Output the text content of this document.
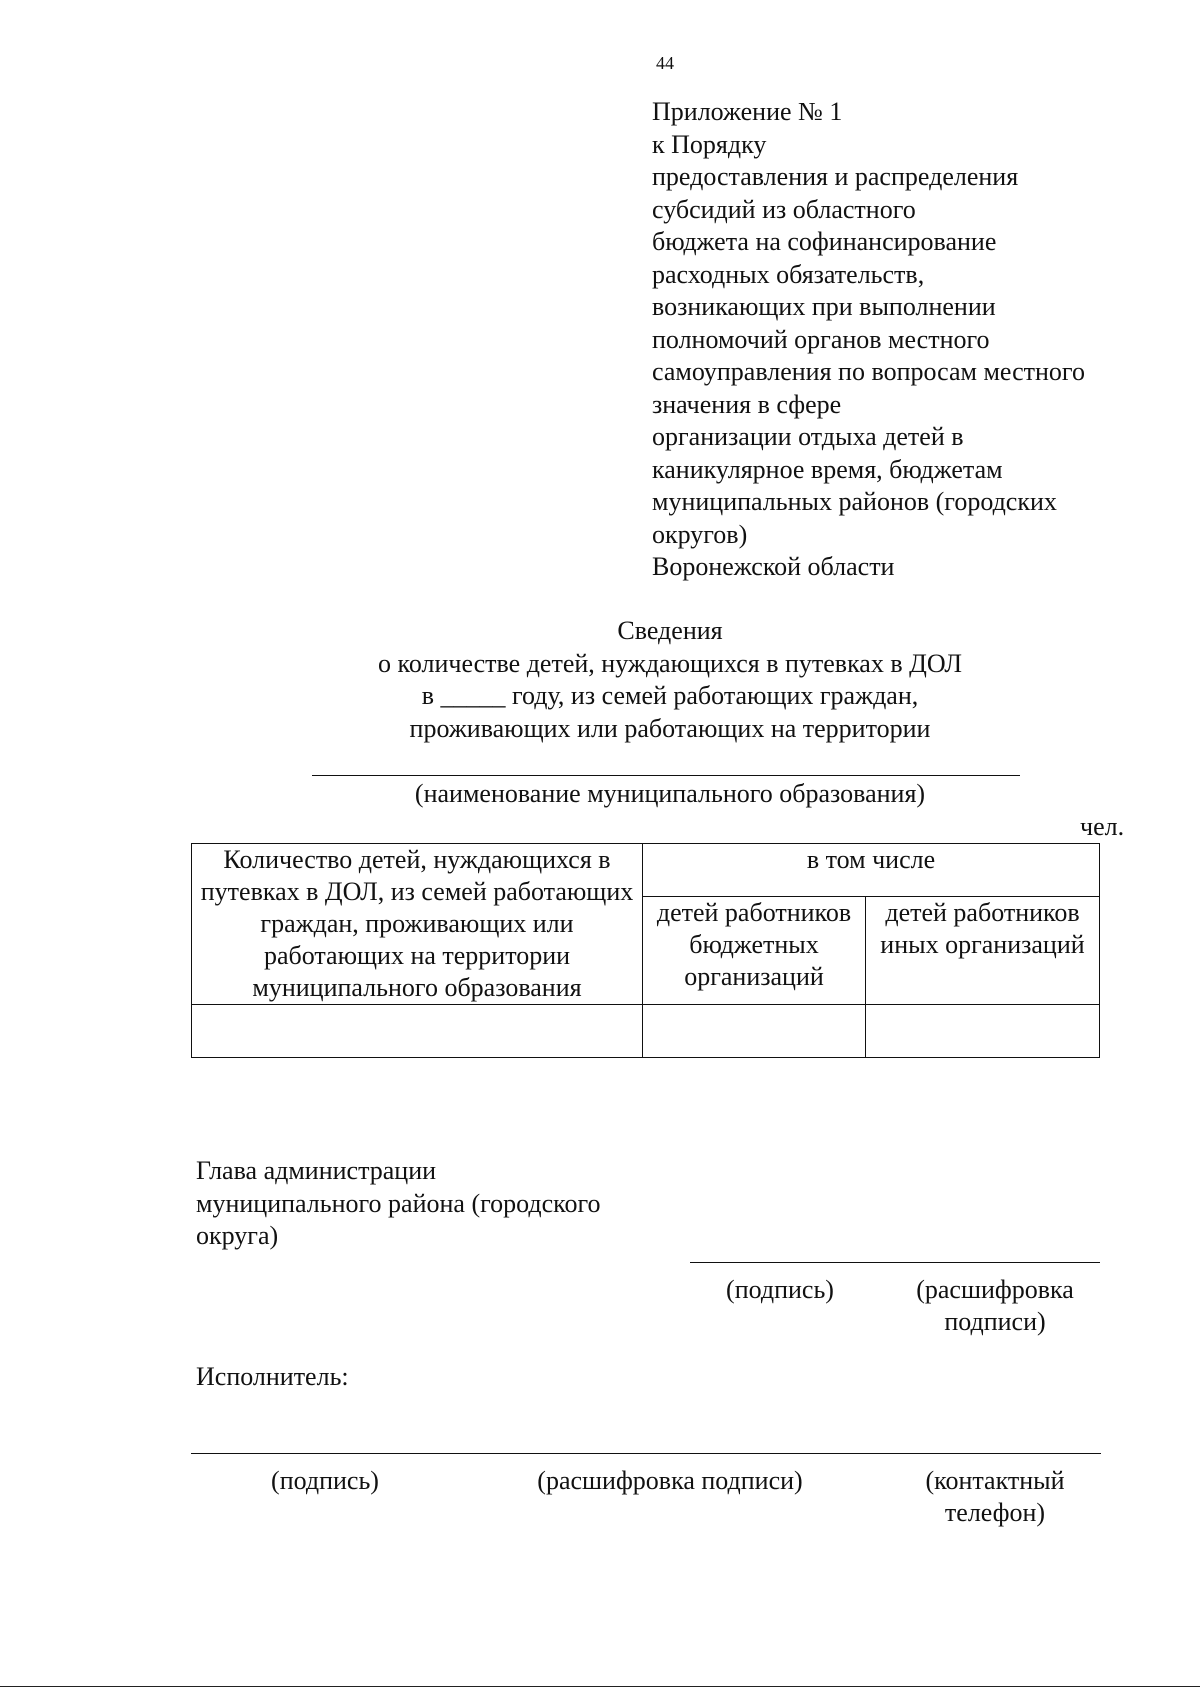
44
Приложение № 1
к Порядку
предоставления и распределения
субсидий из областного
бюджета на софинансирование
расходных обязательств,
возникающих при выполнении
полномочий органов местного
самоуправления по вопросам местного
значения в сфере
организации отдыха детей в
каникулярное время, бюджетам
муниципальных районов (городских
округов)
Воронежской области
Сведения
о количестве детей, нуждающихся в путевках в ДОЛ
в _____ году, из семей работающих граждан,
проживающих или работающих на территории
(наименование муниципального образования)
чел.
Количество детей, нуждающихся в путевках в ДОЛ, из семей работающих граждан, проживающих или работающих на территории муниципального образования	в том числе	
	детей работников бюджетных организаций	детей работников иных организаций

Глава администрации
муниципального района (городского
округа)
(подпись)	(расшифровка подписи)
Исполнитель:
(подпись)	(расшифровка подписи)	(контактный телефон)
